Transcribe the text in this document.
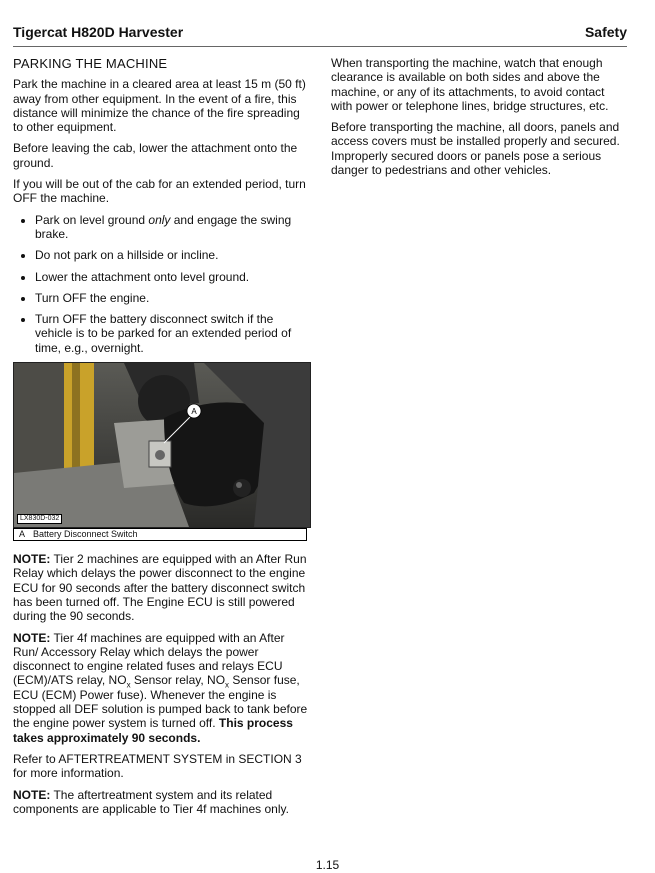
Tigercat H820D Harvester	Safety
PARKING THE MACHINE

Park the machine in a cleared area at least 15 m (50 ft) away from other equipment. In the event of a fire, this distance will minimize the chance of the fire spreading to other equipment.

Before leaving the cab, lower the attachment onto the ground.

If you will be out of the cab for an extended period, turn OFF the machine.

• Park on level ground only and engage the swing brake.
• Do not park on a hillside or incline.
• Lower the attachment onto level ground.
• Turn OFF the engine.
• Turn OFF the battery disconnect switch if the vehicle is to be parked for an extended period of time, e.g., overnight.
A
LX830D-032
A Battery Disconnect Switch

NOTE: Tier 2 machines are equipped with an After Run Relay which delays the power disconnect to the engine ECU for 90 seconds after the battery disconnect switch has been turned off. The Engine ECU is still powered during the 90 seconds.

NOTE: Tier 4f machines are equipped with an After Run/ Accessory Relay which delays the power disconnect to engine related fuses and relays ECU (ECM)/ATS relay, $NO_x$ Sensor relay, $NO_x$ Sensor fuse, ECU (ECM) Power fuse). Whenever the engine is stopped all DEF solution is pumped back to tank before the engine power system is turned off. This process takes approximately 90 seconds.

Refer to AFTERTREATMENT SYSTEM in SECTION 3 for more information.

NOTE: The aftertreatment system and its related components are applicable to Tier 4f machines only.

When transporting the machine, watch that enough clearance is available on both sides and above the machine, or any of its attachments, to avoid contact with power or telephone lines, bridge structures, etc.

Before transporting the machine, all doors, panels and access covers must be installed properly and secured. Improperly secured doors or panels pose a serious danger to pedestrians and other vehicles.

1.15
